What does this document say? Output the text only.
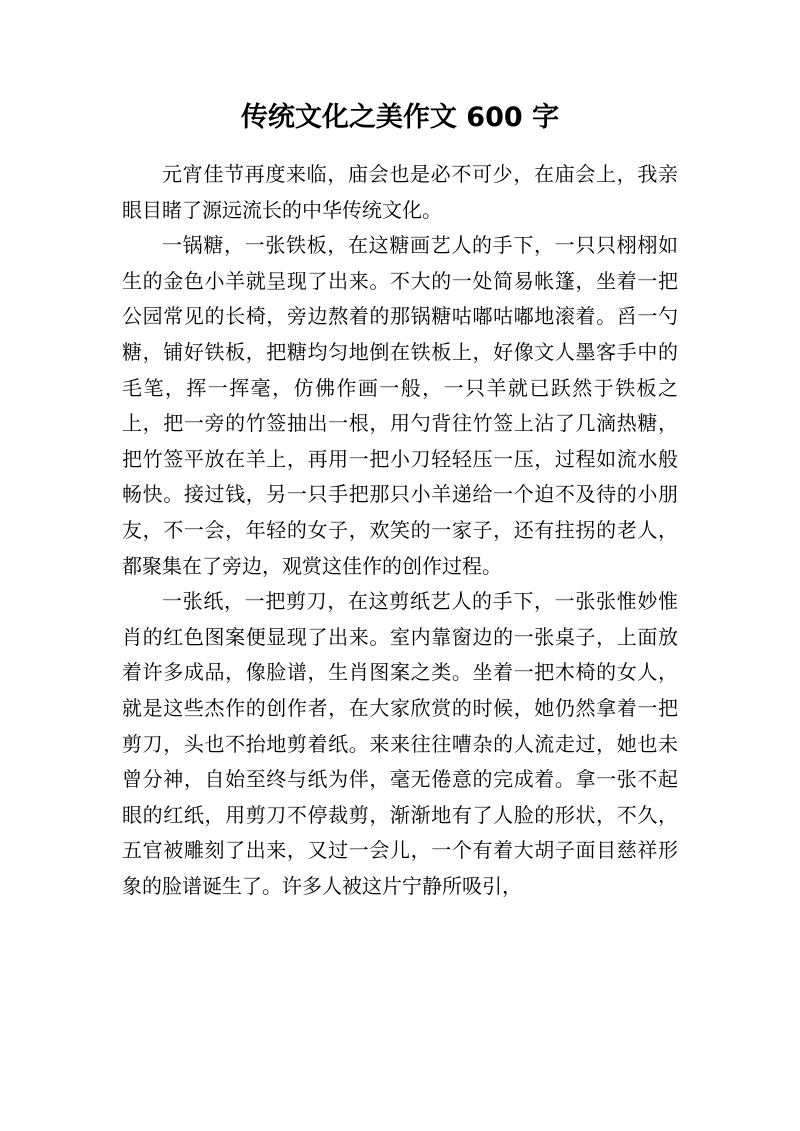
传统文化之美作文 600 字

元宵佳节再度来临，庙会也是必不可少，在庙会上，我亲眼目睹了源远流长的中华传统文化。

一锅糖，一张铁板，在这糖画艺人的手下，一只只栩栩如生的金色小羊就呈现了出来。不大的一处简易帐篷，坐着一把公园常见的长椅，旁边熬着的那锅糖咕嘟咕嘟地滚着。舀一勺糖，铺好铁板，把糖均匀地倒在铁板上，好像文人墨客手中的毛笔，挥一挥毫，仿佛作画一般，一只羊就已跃然于铁板之上，把一旁的竹签抽出一根，用勺背往竹签上沾了几滴热糖，把竹签平放在羊上，再用一把小刀轻轻压一压，过程如流水般畅快。接过钱，另一只手把那只小羊递给一个迫不及待的小朋友，不一会，年轻的女子，欢笑的一家子，还有拄拐的老人，都聚集在了旁边，观赏这佳作的创作过程。

一张纸，一把剪刀，在这剪纸艺人的手下，一张张惟妙惟肖的红色图案便显现了出来。室内靠窗边的一张桌子，上面放着许多成品，像脸谱，生肖图案之类。坐着一把木椅的女人，就是这些杰作的创作者，在大家欣赏的时候，她仍然拿着一把剪刀，头也不抬地剪着纸。来来往往嘈杂的人流走过，她也未曾分神，自始至终与纸为伴，毫无倦意的完成着。拿一张不起眼的红纸，用剪刀不停裁剪，渐渐地有了人脸的形状，不久，五官被雕刻了出来，又过一会儿，一个有着大胡子面目慈祥形象的脸谱诞生了。许多人被这片宁静所吸引，
